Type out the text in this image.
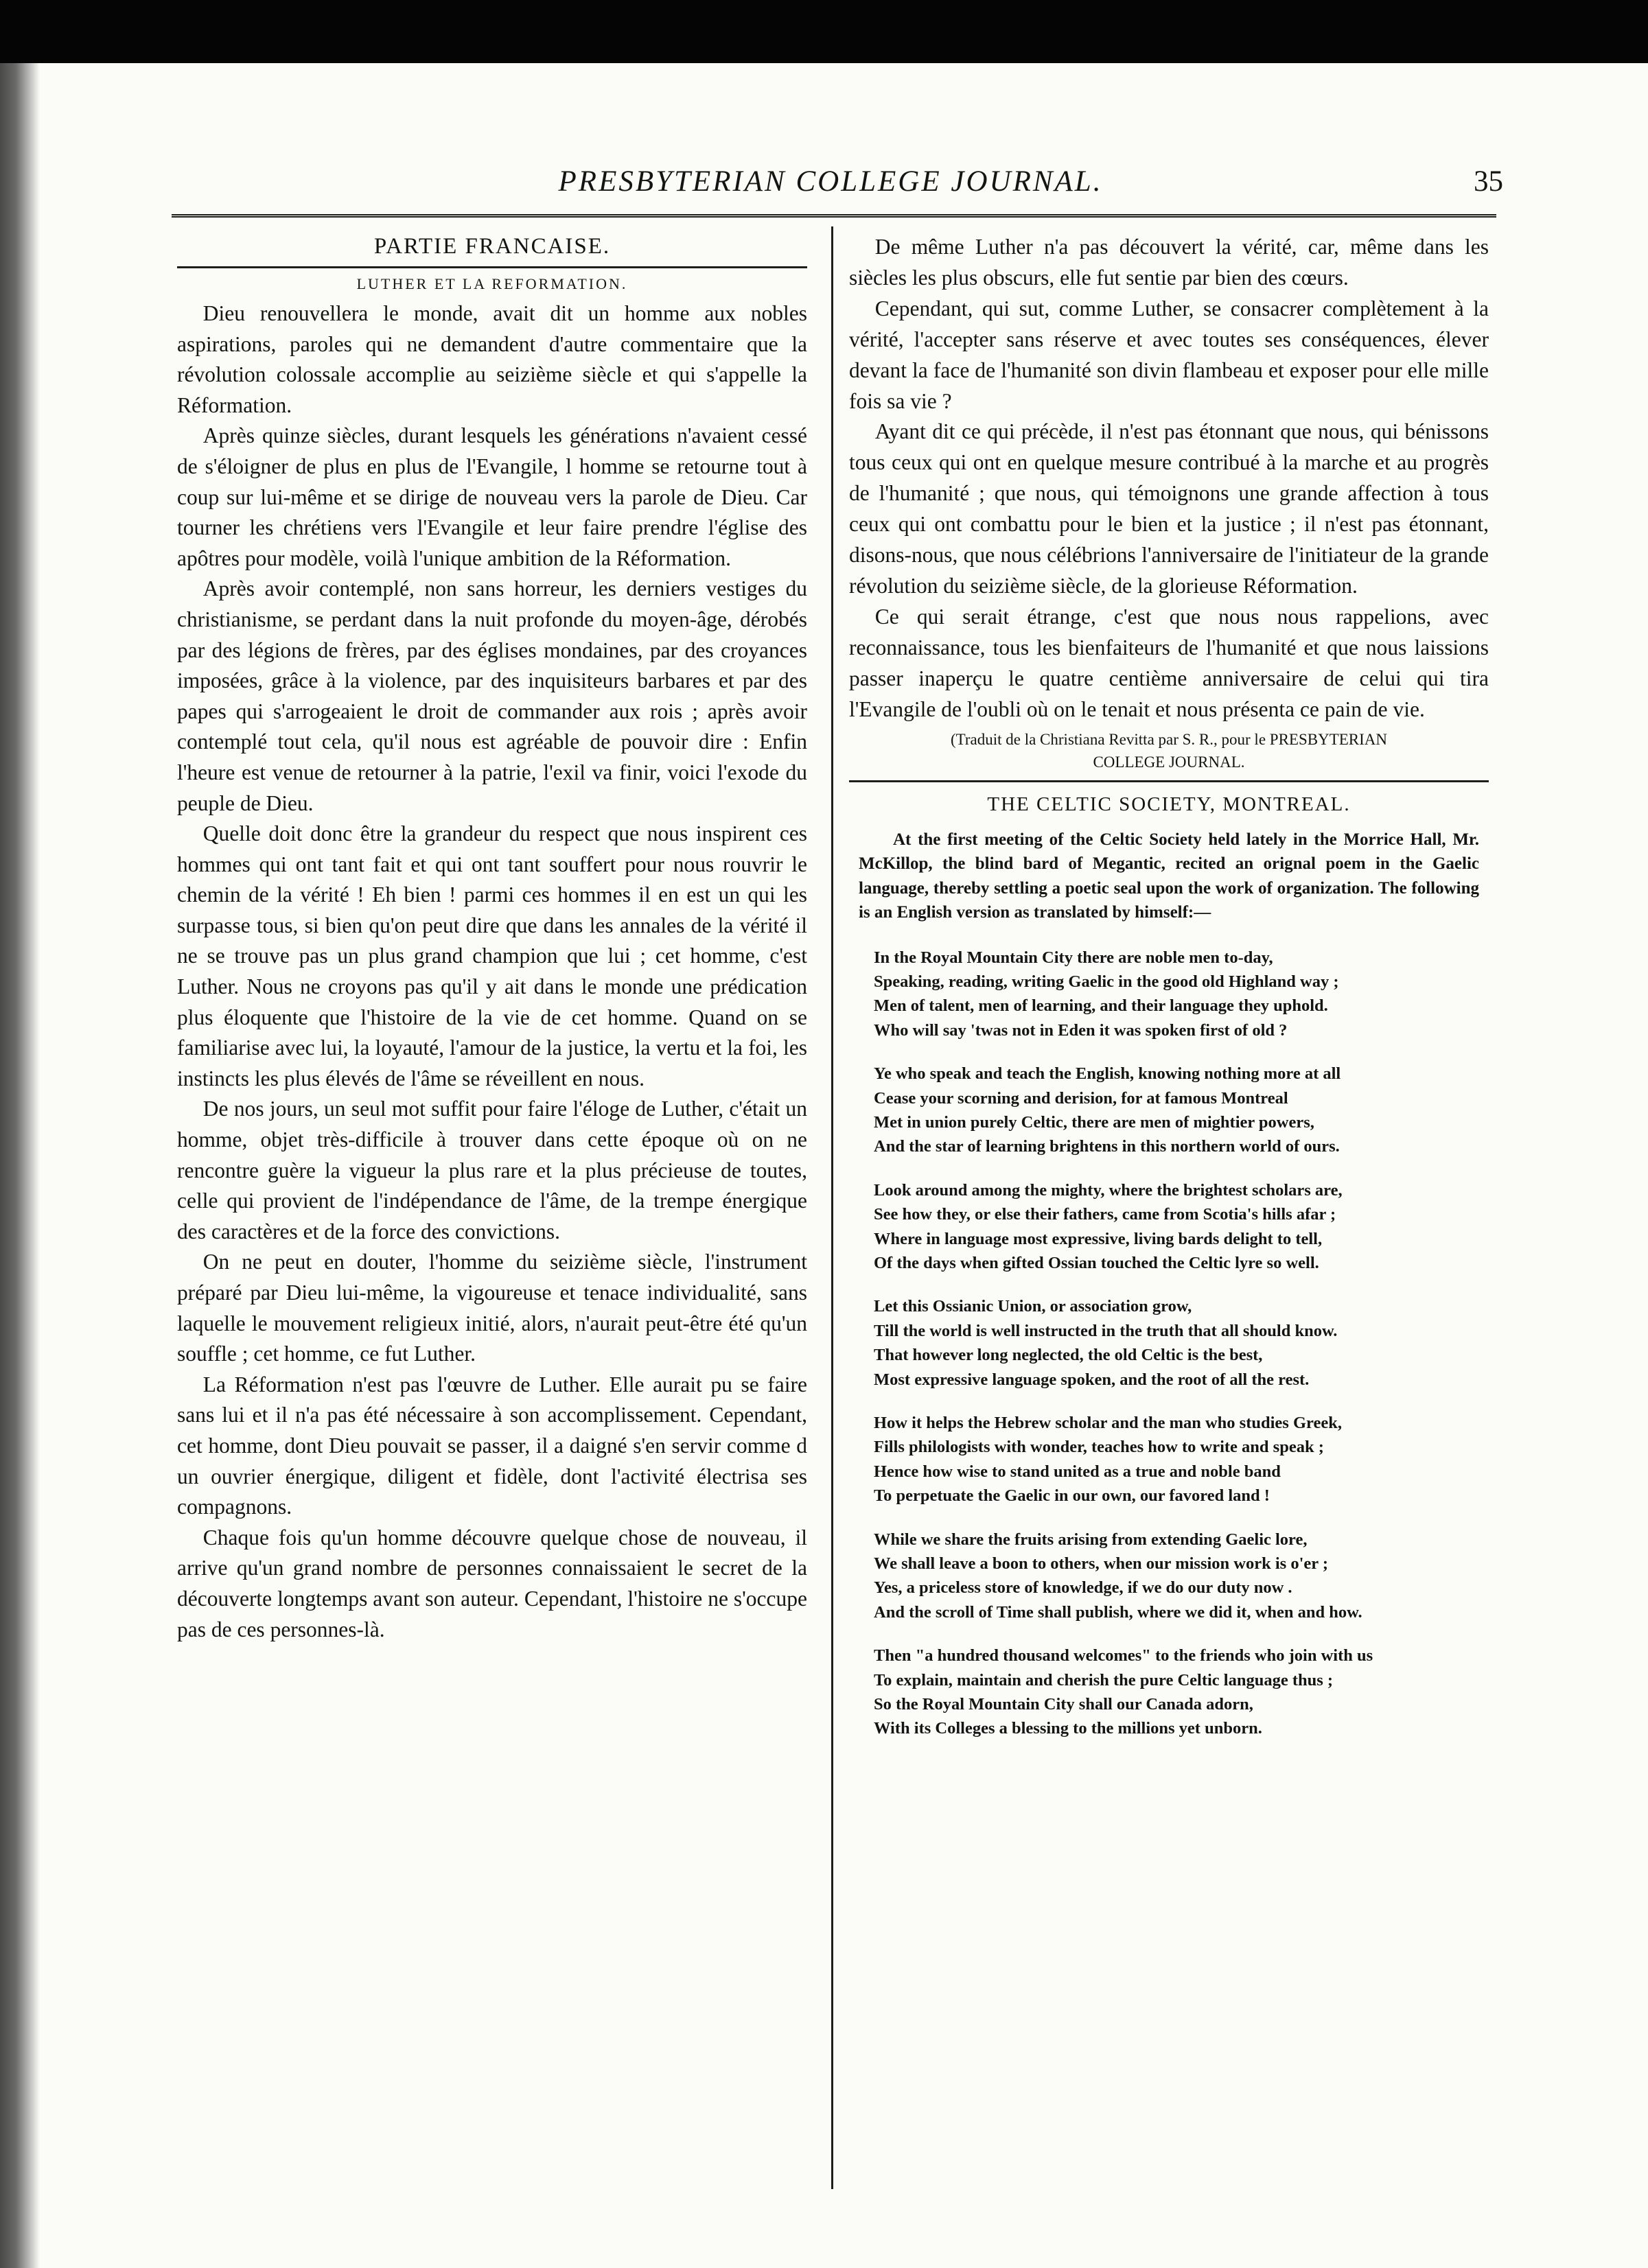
PRESBYTERIAN COLLEGE JOURNAL.	35
PARTIE FRANCAISE.
LUTHER ET LA REFORMATION.

Dieu renouvellera le monde, avait dit un homme aux nobles aspirations, paroles qui ne demandent d'autre commentaire que la révolution colossale accomplie au seizième siècle et qui s'appelle la Réformation.

Après quinze siècles, durant lesquels les générations n'avaient cessé de s'éloigner de plus en plus de l'Evangile, l homme se retourne tout à coup sur lui-même et se dirige de nouveau vers la parole de Dieu. Car tourner les chrétiens vers l'Evangile et leur faire prendre l'église des apôtres pour modèle, voilà l'unique ambition de la Réformation.

Après avoir contemplé, non sans horreur, les derniers vestiges du christianisme, se perdant dans la nuit profonde du moyen-âge, dérobés par des légions de frères, par des églises mondaines, par des croyances imposées, grâce à la violence, par des inquisiteurs barbares et par des papes qui s'arrogeaient le droit de commander aux rois ; après avoir contemplé tout cela, qu'il nous est agréable de pouvoir dire : Enfin l'heure est venue de retourner à la patrie, l'exil va finir, voici l'exode du peuple de Dieu.

Quelle doit donc être la grandeur du respect que nous inspirent ces hommes qui ont tant fait et qui ont tant souffert pour nous rouvrir le chemin de la vérité ! Eh bien ! parmi ces hommes il en est un qui les surpasse tous, si bien qu'on peut dire que dans les annales de la vérité il ne se trouve pas un plus grand champion que lui ; cet homme, c'est Luther. Nous ne croyons pas qu'il y ait dans le monde une prédication plus éloquente que l'histoire de la vie de cet homme. Quand on se familiarise avec lui, la loyauté, l'amour de la justice, la vertu et la foi, les instincts les plus élevés de l'âme se réveillent en nous.

De nos jours, un seul mot suffit pour faire l'éloge de Luther, c'était un homme, objet très-difficile à trouver dans cette époque où on ne rencontre guère la vigueur la plus rare et la plus précieuse de toutes, celle qui provient de l'indépendance de l'âme, de la trempe énergique des caractères et de la force des convictions.

On ne peut en douter, l'homme du seizième siècle, l'instrument préparé par Dieu lui-même, la vigoureuse et tenace individualité, sans laquelle le mouvement religieux initié, alors, n'aurait peut-être été qu'un souffle ; cet homme, ce fut Luther.

La Réformation n'est pas l'œuvre de Luther. Elle aurait pu se faire sans lui et il n'a pas été nécessaire à son accomplissement. Cependant, cet homme, dont Dieu pouvait se passer, il a daigné s'en servir comme d un ouvrier énergique, diligent et fidèle, dont l'activité électrisa ses compagnons.

Chaque fois qu'un homme découvre quelque chose de nouveau, il arrive qu'un grand nombre de personnes connaissaient le secret de la découverte longtemps avant son auteur. Cependant, l'histoire ne s'occupe pas de ces personnes-là.

De même Luther n'a pas découvert la vérité, car, même dans les siècles les plus obscurs, elle fut sentie par bien des cœurs.

Cependant, qui sut, comme Luther, se consacrer complètement à la vérité, l'accepter sans réserve et avec toutes ses conséquences, élever devant la face de l'humanité son divin flambeau et exposer pour elle mille fois sa vie ?

Ayant dit ce qui précède, il n'est pas étonnant que nous, qui bénissons tous ceux qui ont en quelque mesure contribué à la marche et au progrès de l'humanité ; que nous, qui témoignons une grande affection à tous ceux qui ont combattu pour le bien et la justice ; il n'est pas étonnant, disons-nous, que nous célébrions l'anniversaire de l'initiateur de la grande révolution du seizième siècle, de la glorieuse Réformation.

Ce qui serait étrange, c'est que nous nous rappelions, avec reconnaissance, tous les bienfaiteurs de l'humanité et que nous laissions passer inaperçu le quatre centième anniversaire de celui qui tira l'Evangile de l'oubli où on le tenait et nous présenta ce pain de vie.

(Traduit de la Christiana Revitta par S. R., pour le PRESBYTERIAN
COLLEGE JOURNAL.
THE CELTIC SOCIETY, MONTREAL.
At the first meeting of the Celtic Society held lately in the Morrice Hall, Mr. McKillop, the blind bard of Megantic, recited an orignal poem in the Gaelic language, thereby settling a poetic seal upon the work of organization. The following is an English version as translated by himself:—
In the Royal Mountain City there are noble men to-day,
Speaking, reading, writing Gaelic in the good old Highland way ;
Men of talent, men of learning, and their language they uphold.
Who will say 'twas not in Eden it was spoken first of old ?
Ye who speak and teach the English, knowing nothing more at all
Cease your scorning and derision, for at famous Montreal
Met in union purely Celtic, there are men of mightier powers,
And the star of learning brightens in this northern world of ours.
Look around among the mighty, where the brightest scholars are,
See how they, or else their fathers, came from Scotia's hills afar ;
Where in language most expressive, living bards delight to tell,
Of the days when gifted Ossian touched the Celtic lyre so well.
Let this Ossianic Union, or association grow,
Till the world is well instructed in the truth that all should know.
That however long neglected, the old Celtic is the best,
Most expressive language spoken, and the root of all the rest.
How it helps the Hebrew scholar and the man who studies Greek,
Fills philologists with wonder, teaches how to write and speak ;
Hence how wise to stand united as a true and noble band
To perpetuate the Gaelic in our own, our favored land !
While we share the fruits arising from extending Gaelic lore,
We shall leave a boon to others, when our mission work is o'er ;
Yes, a priceless store of knowledge, if we do our duty now .
And the scroll of Time shall publish, where we did it, when and how.
Then "a hundred thousand welcomes" to the friends who join with us
To explain, maintain and cherish the pure Celtic language thus ;
So the Royal Mountain City shall our Canada adorn,
With its Colleges a blessing to the millions yet unborn.
